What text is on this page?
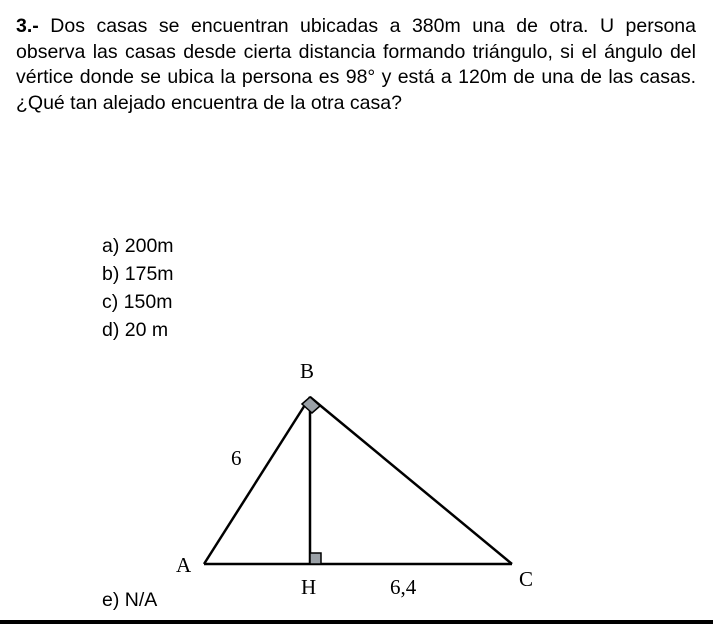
3.- Dos casas se encuentran ubicadas a 380m una de otra. U persona observa las casas desde cierta distancia formando triángulo, si el ángulo del vértice donde se ubica la persona es 98° y está a 120m de una de las casas. ¿Qué tan alejado encuentra de la otra casa?
a) 200m
b) 175m
c) 150m
d) 20 m
e) N/A
B
A
C
H
6
6,4
